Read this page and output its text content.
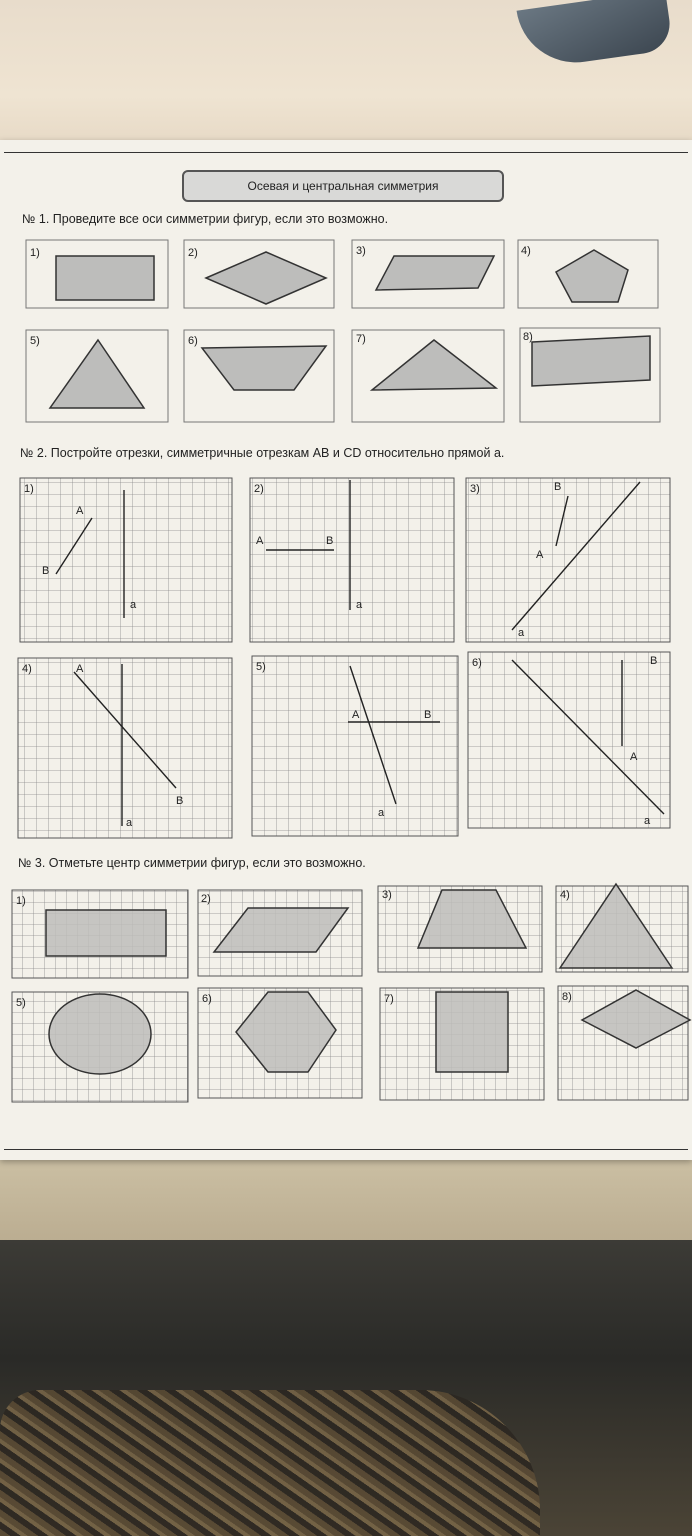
Осевая и центральная симметрия
№ 1. Проведите все оси симметрии фигур, если это возможно.
1)	2)	3)	4)
5)	6)	7)	8)
№ 2. Постройте отрезки, симметричные отрезкам AB и CD относительно прямой a.
1)
A
B
a
2)
A	B
a
3)	B
A
a
4)	A
B
a
5)
A	B
a
6)	B
A
a
№ 3. Отметьте центр симметрии фигур, если это возможно.
1)	2)	3)	4)
5)	6)	7)	8)
